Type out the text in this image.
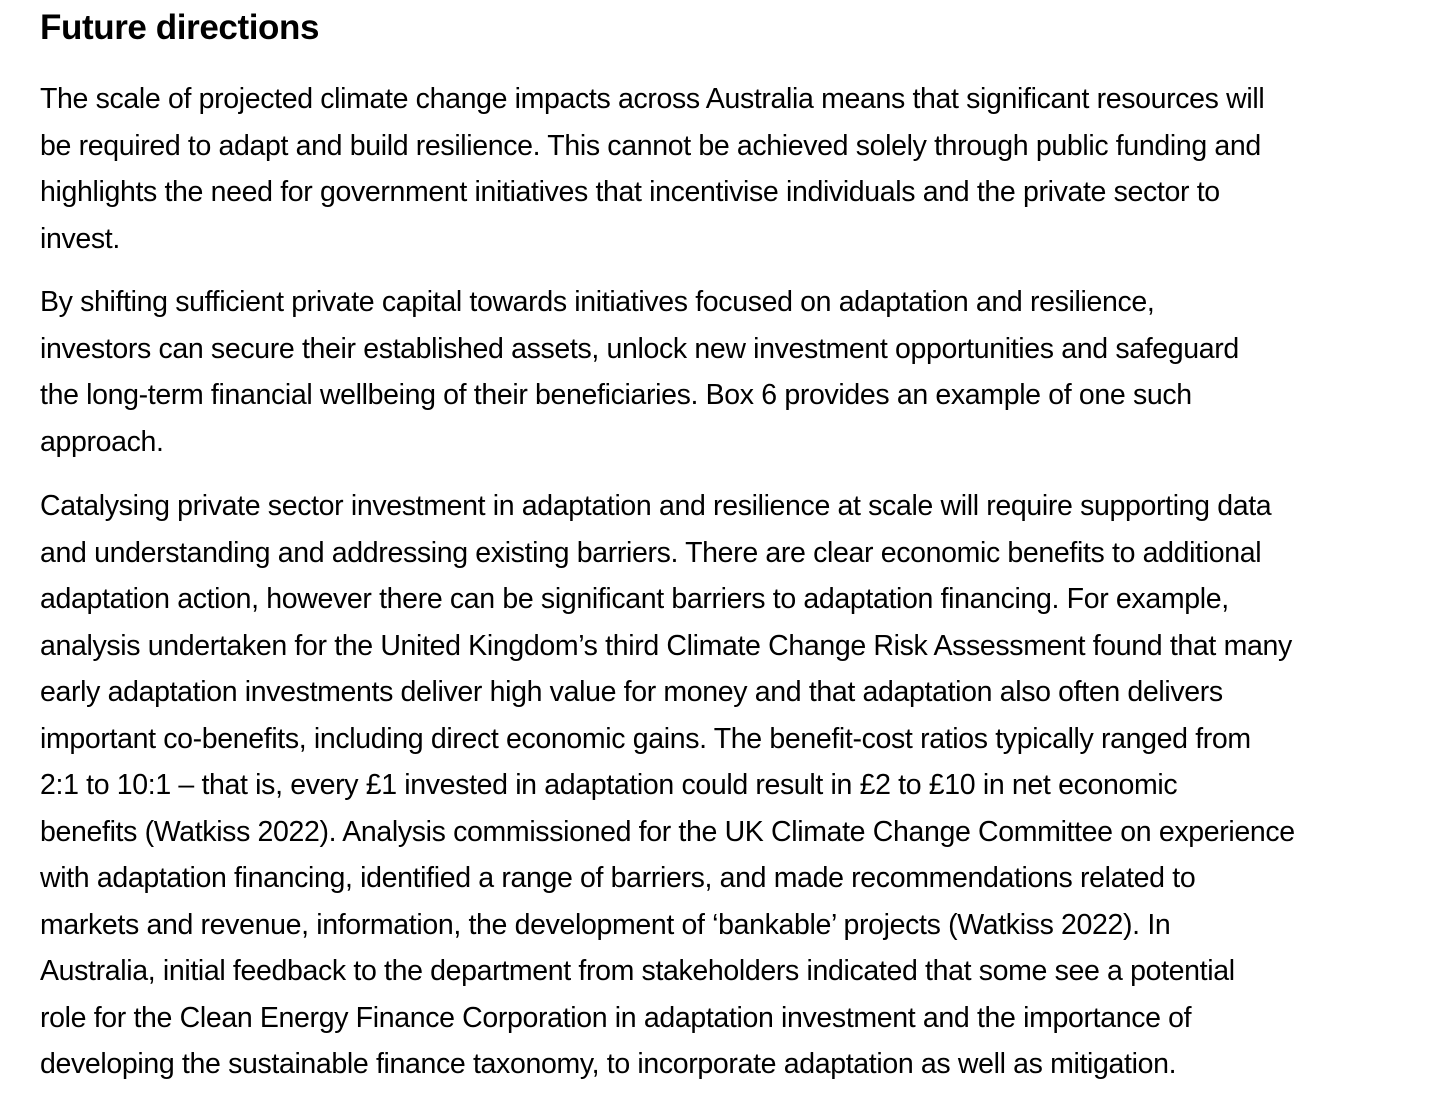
Future directions

The scale of projected climate change impacts across Australia means that significant resources will
be required to adapt and build resilience. This cannot be achieved solely through public funding and
highlights the need for government initiatives that incentivise individuals and the private sector to
invest.

By shifting sufficient private capital towards initiatives focused on adaptation and resilience,
investors can secure their established assets, unlock new investment opportunities and safeguard
the long-term financial wellbeing of their beneficiaries. Box 6 provides an example of one such
approach.

Catalysing private sector investment in adaptation and resilience at scale will require supporting data
and understanding and addressing existing barriers. There are clear economic benefits to additional
adaptation action, however there can be significant barriers to adaptation financing. For example,
analysis undertaken for the United Kingdom’s third Climate Change Risk Assessment found that many
early adaptation investments deliver high value for money and that adaptation also often delivers
important co-benefits, including direct economic gains. The benefit-cost ratios typically ranged from
2:1 to 10:1 – that is, every £1 invested in adaptation could result in £2 to £10 in net economic
benefits (Watkiss 2022). Analysis commissioned for the UK Climate Change Committee on experience
with adaptation financing, identified a range of barriers, and made recommendations related to
markets and revenue, information, the development of ‘bankable’ projects (Watkiss 2022). In
Australia, initial feedback to the department from stakeholders indicated that some see a potential
role for the Clean Energy Finance Corporation in adaptation investment and the importance of
developing the sustainable finance taxonomy, to incorporate adaptation as well as mitigation.
